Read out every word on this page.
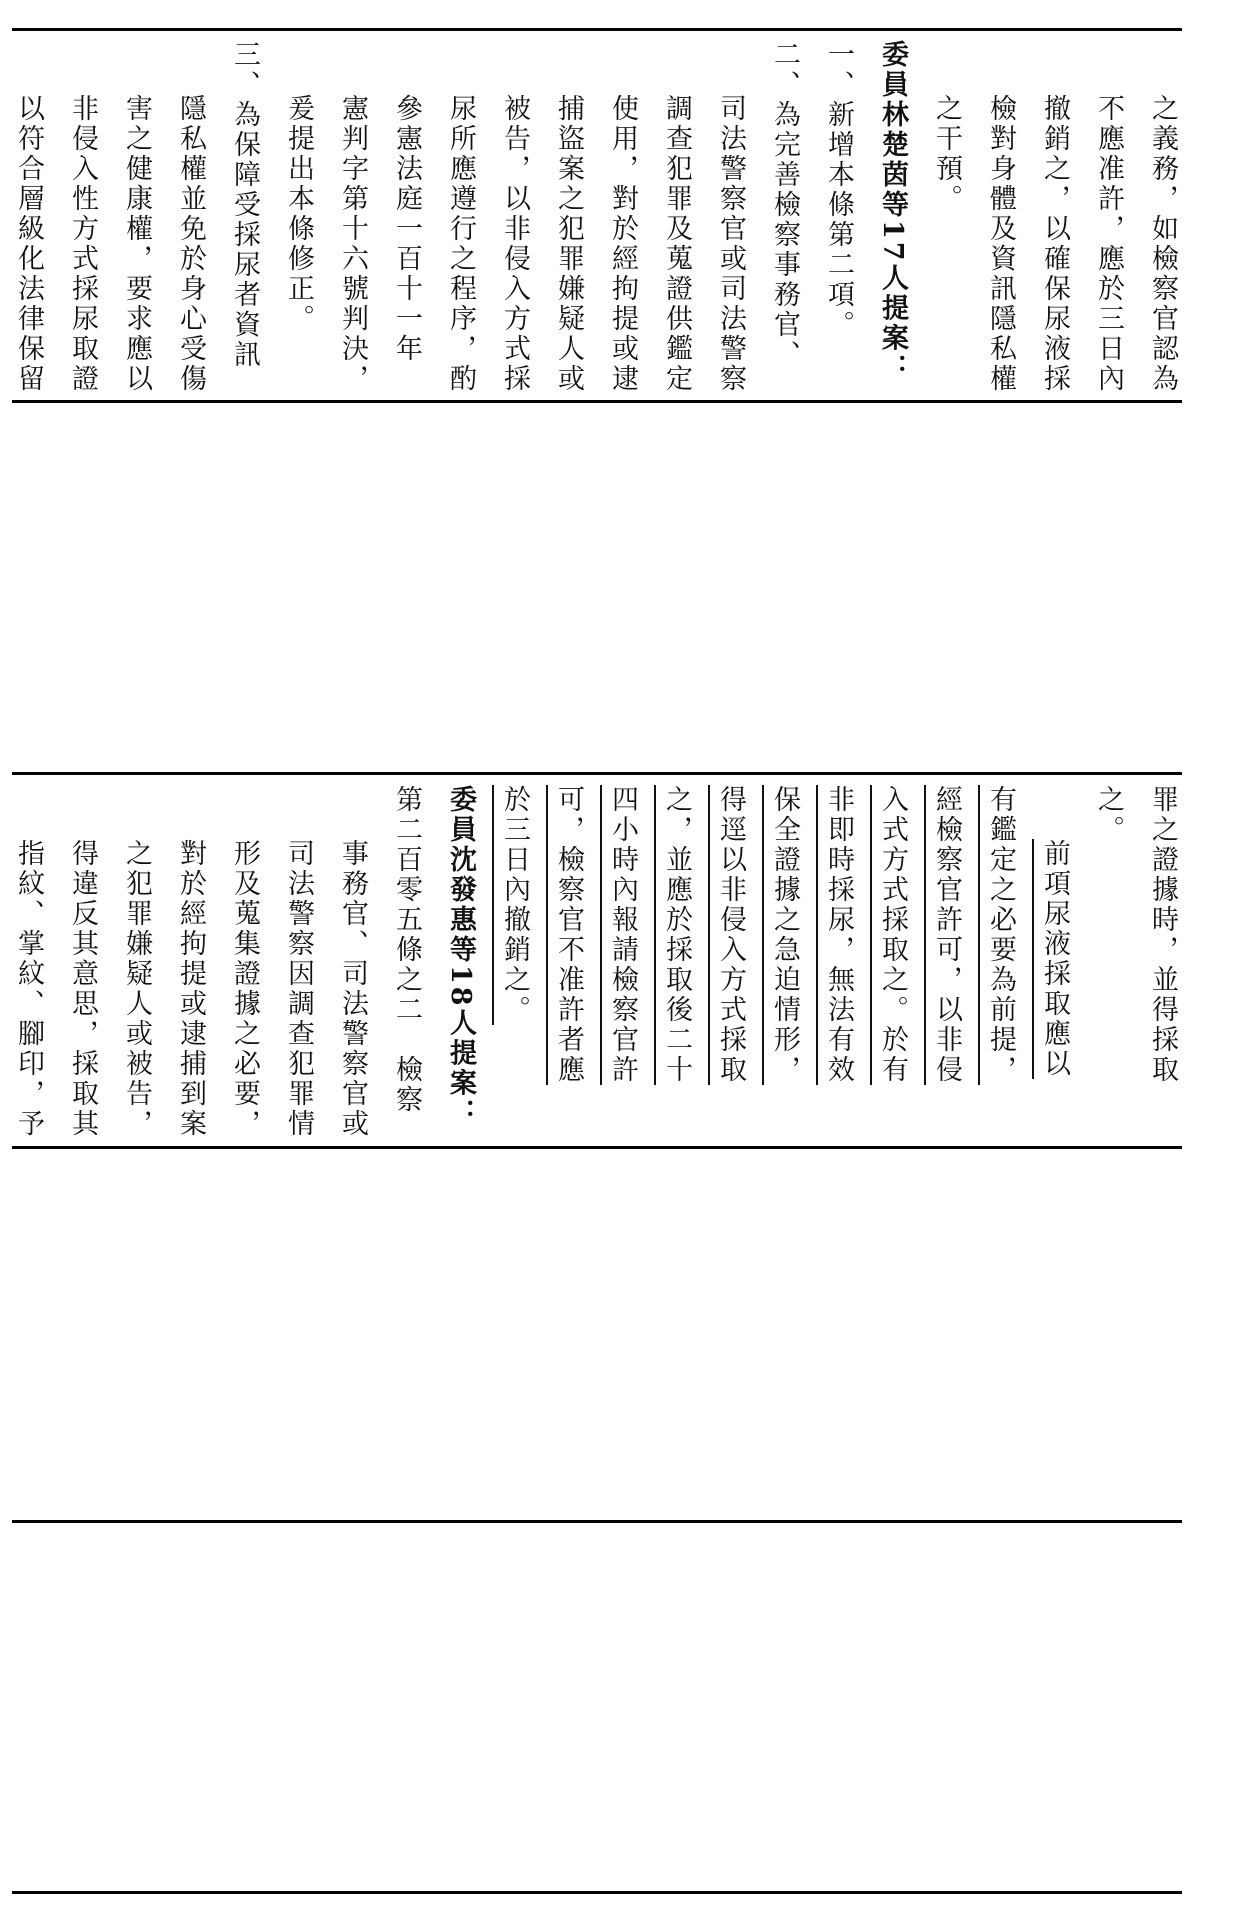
之義務，如檢察官認為
不應准許，應於三日內
撤銷之，以確保尿液採
檢對身體及資訊隱私權
之干預。
委員林楚茵等17人提案：
一、新增本條第二項。
二、為完善檢察事務官、
司法警察官或司法警察
調查犯罪及蒐證供鑑定
使用，對於經拘提或逮
捕盜案之犯罪嫌疑人或
被告，以非侵入方式採
尿所應遵行之程序，酌
參憲法庭一百十一年
憲判字第十六號判決，
爰提出本條修正。
三、為保障受採尿者資訊
隱私權並免於身心受傷
害之健康權，要求應以
非侵入性方式採尿取證
以符合層級化法律保留
罪之證據時，並得採取
之。
前項尿液採取應以
有鑑定之必要為前提，
經檢察官許可，以非侵
入式方式採取之。於有
非即時採尿，無法有效
保全證據之急迫情形，
得逕以非侵入方式採取
之，並應於採取後二十
四小時內報請檢察官許
可，檢察官不准許者應
於三日內撤銷之。
委員沈發惠等18人提案：
第二百零五條之二　檢察
事務官、司法警察官或
司法警察因調查犯罪情
形及蒐集證據之必要，
對於經拘提或逮捕到案
之犯罪嫌疑人或被告，
得違反其意思，採取其
指紋、掌紋、腳印，予
